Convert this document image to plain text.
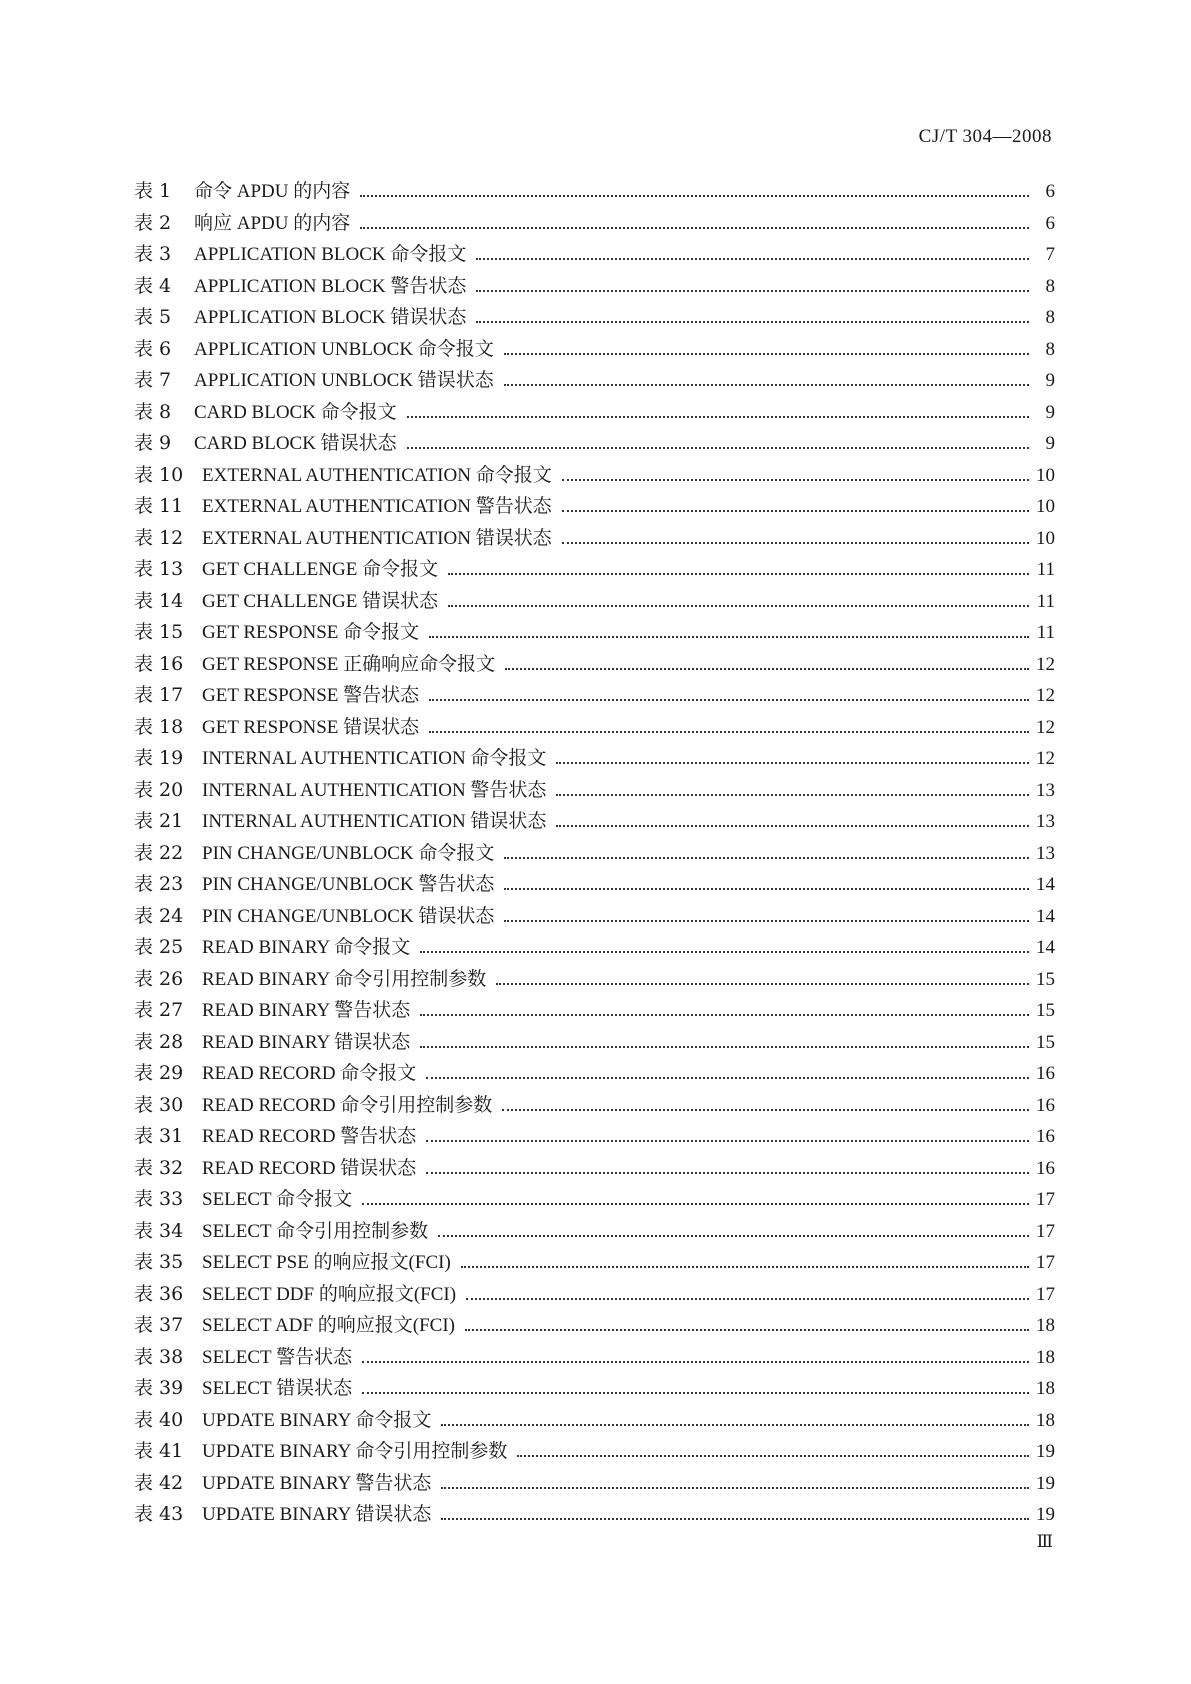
CJ/T 304—2008
表 1	命令 APDU 的内容	6
表 2	响应 APDU 的内容	6
表 3	APPLICATION BLOCK 命令报文	7
表 4	APPLICATION BLOCK 警告状态	8
表 5	APPLICATION BLOCK 错误状态	8
表 6	APPLICATION UNBLOCK 命令报文	8
表 7	APPLICATION UNBLOCK 错误状态	9
表 8	CARD BLOCK 命令报文	9
表 9	CARD BLOCK 错误状态	9
表 10 EXTERNAL AUTHENTICATION 命令报文	10
表 11 EXTERNAL AUTHENTICATION 警告状态	10
表 12 EXTERNAL AUTHENTICATION 错误状态	10
表 13 GET CHALLENGE 命令报文	11
表 14 GET CHALLENGE 错误状态	11
表 15 GET RESPONSE 命令报文	11
表 16 GET RESPONSE 正确响应命令报文	12
表 17 GET RESPONSE 警告状态	12
表 18 GET RESPONSE 错误状态	12
表 19 INTERNAL AUTHENTICATION 命令报文	12
表 20 INTERNAL AUTHENTICATION 警告状态	13
表 21 INTERNAL AUTHENTICATION 错误状态	13
表 22 PIN CHANGE/UNBLOCK 命令报文	13
表 23 PIN CHANGE/UNBLOCK 警告状态	14
表 24 PIN CHANGE/UNBLOCK 错误状态	14
表 25 READ BINARY 命令报文	14
表 26 READ BINARY 命令引用控制参数	15
表 27 READ BINARY 警告状态	15
表 28 READ BINARY 错误状态	15
表 29 READ RECORD 命令报文	16
表 30 READ RECORD 命令引用控制参数	16
表 31 READ RECORD 警告状态	16
表 32 READ RECORD 错误状态	16
表 33 SELECT 命令报文	17
表 34 SELECT 命令引用控制参数	17
表 35 SELECT PSE 的响应报文(FCI)	17
表 36 SELECT DDF 的响应报文(FCI)	17
表 37 SELECT ADF 的响应报文(FCI)	18
表 38 SELECT 警告状态	18
表 39 SELECT 错误状态	18
表 40 UPDATE BINARY 命令报文	18
表 41 UPDATE BINARY 命令引用控制参数	19
表 42 UPDATE BINARY 警告状态	19
表 43 UPDATE BINARY 错误状态	19
Ⅲ
